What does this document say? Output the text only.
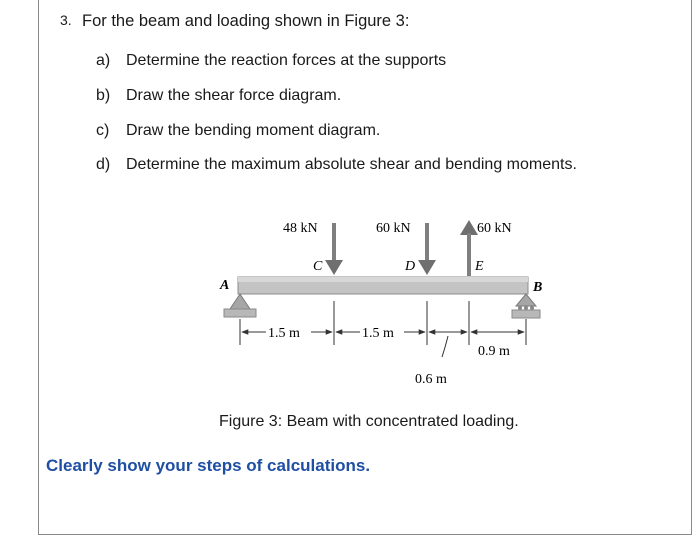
3. For the beam and loading shown in Figure 3:
a) Determine the reaction forces at the supports
b) Draw the shear force diagram.
c) Draw the bending moment diagram.
d) Determine the maximum absolute shear and bending moments.
A	B
C	D	E
48 kN	60 kN	60 kN
1.5 m	1.5 m
0.6 m
0.9 m
Figure 3: Beam with concentrated loading.
Clearly show your steps of calculations.
